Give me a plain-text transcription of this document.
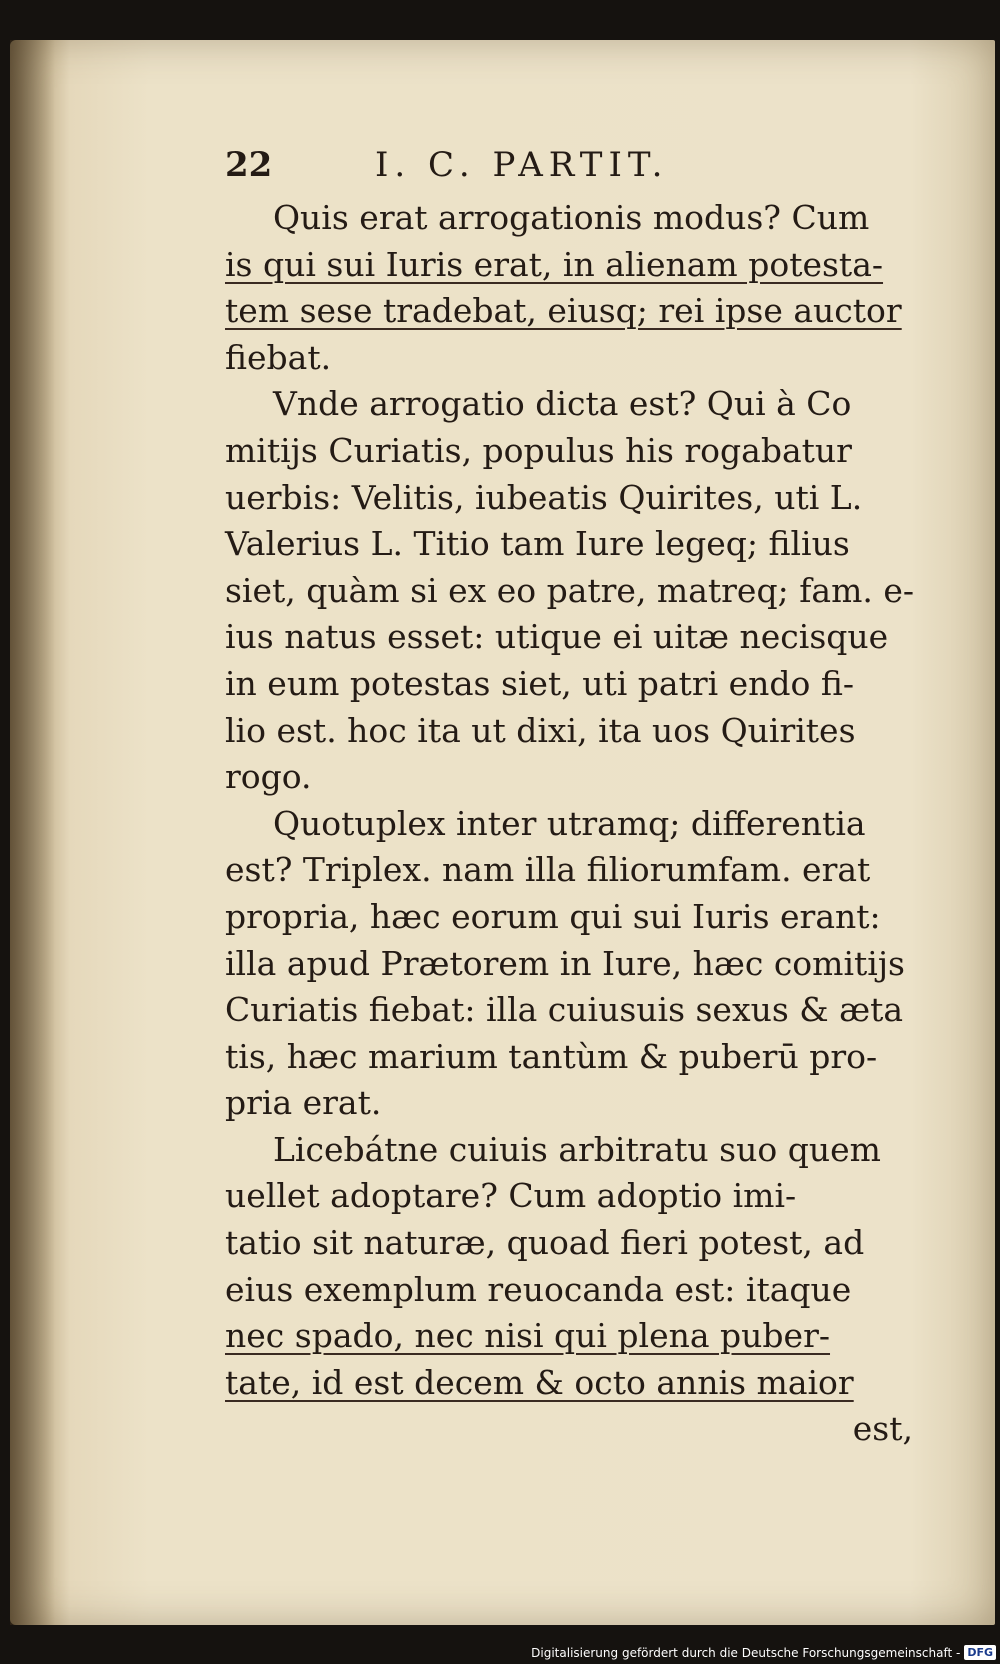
22	I. C. PARTIT.
Quis erat arrogationis modus? Cum
is qui sui Iuris erat, in alienam potesta-
tem sese tradebat, eiusq; rei ipse auctor
fiebat.
Vnde arrogatio dicta est? Qui à Co
mitijs Curiatis, populus his rogabatur
uerbis: Velitis, iubeatis Quirites, uti L.
Valerius L. Titio tam Iure legeq; filius
siet, quàm si ex eo patre, matreq; fam. e-
ius natus esset: utique ei uitæ necisque
in eum potestas siet, uti patri endo fi-
lio est. hoc ita ut dixi, ita uos Quirites
rogo.
Quotuplex inter utramq; differentia
est? Triplex. nam illa filiorumfam. erat
propria, hæc eorum qui sui Iuris erant:
illa apud Prætorem in Iure, hæc comitijs
Curiatis fiebat: illa cuiusuis sexus & æta
tis, hæc marium tantùm & puberū pro-
pria erat.
Licebátne cuiuis arbitratu suo quem
uellet adoptare? Cum adoptio imi-
tatio sit naturæ, quoad fieri potest, ad
eius exemplum reuocanda est: itaque
nec spado, nec nisi qui plena puber-
tate, id est decem & octo annis maior
est,
Digitalisierung gefördert durch die Deutsche Forschungsgemeinschaft - DFG
